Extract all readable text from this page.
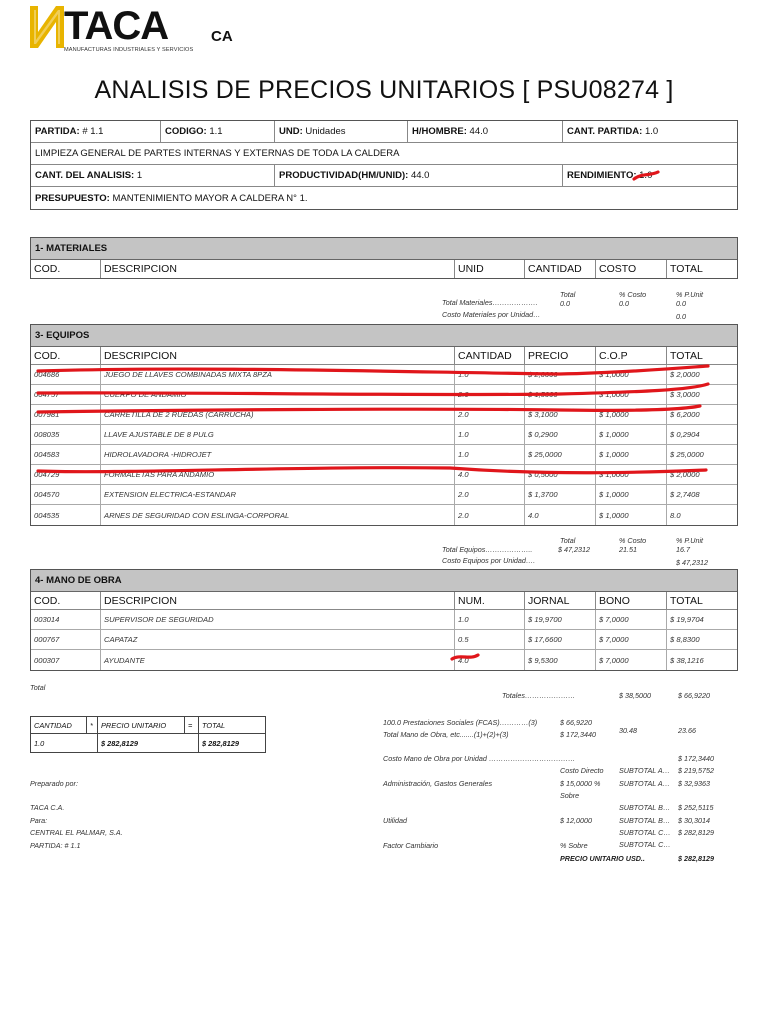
TACA	CA
MANUFACTURAS INDUSTRIALES Y SERVICIOS
ANALISIS DE PRECIOS UNITARIOS [ PSU08274 ]
PARTIDA:
# 1.1	CODIGO:
1.1	UND:
Unidades	H/HOMBRE:
44.0	CANT. PARTIDA:
1.0
LIMPIEZA GENERAL DE PARTES INTERNAS Y EXTERNAS DE TODA LA CALDERA
CANT. DEL ANALISIS:
1	PRODUCTIVIDAD(HM/UNID):
44.0	RENDIMIENTO:
1.0
PRESUPUESTO:
MANTENIMIENTO MAYOR A CALDERA N° 1.
1- MATERIALES
COD.	DESCRIPCION	UNID	CANTIDAD	COSTO	TOTAL
Total	% Costo	% P.Unit
Total Materiales……………….	0.0	0.0	0.0
Costo Materiales por Unidad…	0.0
3- EQUIPOS
COD.	DESCRIPCION	CANTIDAD	PRECIO	C.O.P	TOTAL
004686	JUEGO DE LLAVES COMBINADAS MIXTA 8PZA	1.0	$ 2,0000	$ 1,0000	$ 2,0000
004757	CUERPO DE ANDAMIO	2.0	$ 1,5000	$ 1,0000	$ 3,0000
007981	CARRETILLA DE 2 RUEDAS (CARRUCHA)	2.0	$ 3,1000	$ 1,0000	$ 6,2000
008035	LLAVE AJUSTABLE DE 8 PULG	1.0	$ 0,2900	$ 1,0000	$ 0,2904
004583	HIDROLAVADORA -HIDROJET	1.0	$ 25,0000	$ 1,0000	$ 25,0000
004729	FORMALETAS PARA ANDAMIO	4.0	$ 0,5000	$ 1,0000	$ 2,0000
004570	EXTENSION ELECTRICA-ESTANDAR	2.0	$ 1,3700	$ 1,0000	$ 2,7408
004535	ARNES DE SEGURIDAD CON ESLINGA-CORPORAL	2.0	4.0	$ 1,0000	8.0
Total	% Costo	% P.Unit
Total Equipos………………..	$ 47,2312	21.51	16.7
Costo Equipos por Unidad….	$ 47,2312
4- MANO DE OBRA
COD.	DESCRIPCION	NUM.	JORNAL	BONO	TOTAL
003014	SUPERVISOR DE SEGURIDAD	1.0	$ 19,9700	$ 7,0000	$ 19,9704
000767	CAPATAZ	0.5	$ 17,6600	$ 7,0000	$ 8,8300
000307	AYUDANTE	4.0	$ 9,5300	$ 7,0000	$ 38,1216
Total
Totales…………………	$ 38,5000	$ 66,9220
CANTIDAD	*	PRECIO UNITARIO	=	TOTAL
1.0	$ 282,8129	$ 282,8129
100.0 Prestaciones Sociales (FCAS)…………(3)	$ 66,9220
Total Mano de Obra, etc.......(1)+(2)+(3)	$ 172,3440	30.48	23.66
Costo Mano de Obra por Unidad ………………………………	$ 172,3440
Costo Directo SUBTOTAL A… $ 219,5752
Preparado por:	Administración, Gastos Generales	$ 15,0000 %	SUBTOTAL A… $ 32,9363
Sobre
TACA C.A.	SUBTOTAL B… $ 252,5115
Para:	Utilidad	$ 12,0000	SUBTOTAL B… $ 30,3014
CENTRAL EL PALMAR, S.A.	SUBTOTAL C… $ 282,8129
PARTIDA: # 1.1	Factor Cambiario	% Sobre	SUBTOTAL C…
PRECIO UNITARIO USD..	$ 282,8129
